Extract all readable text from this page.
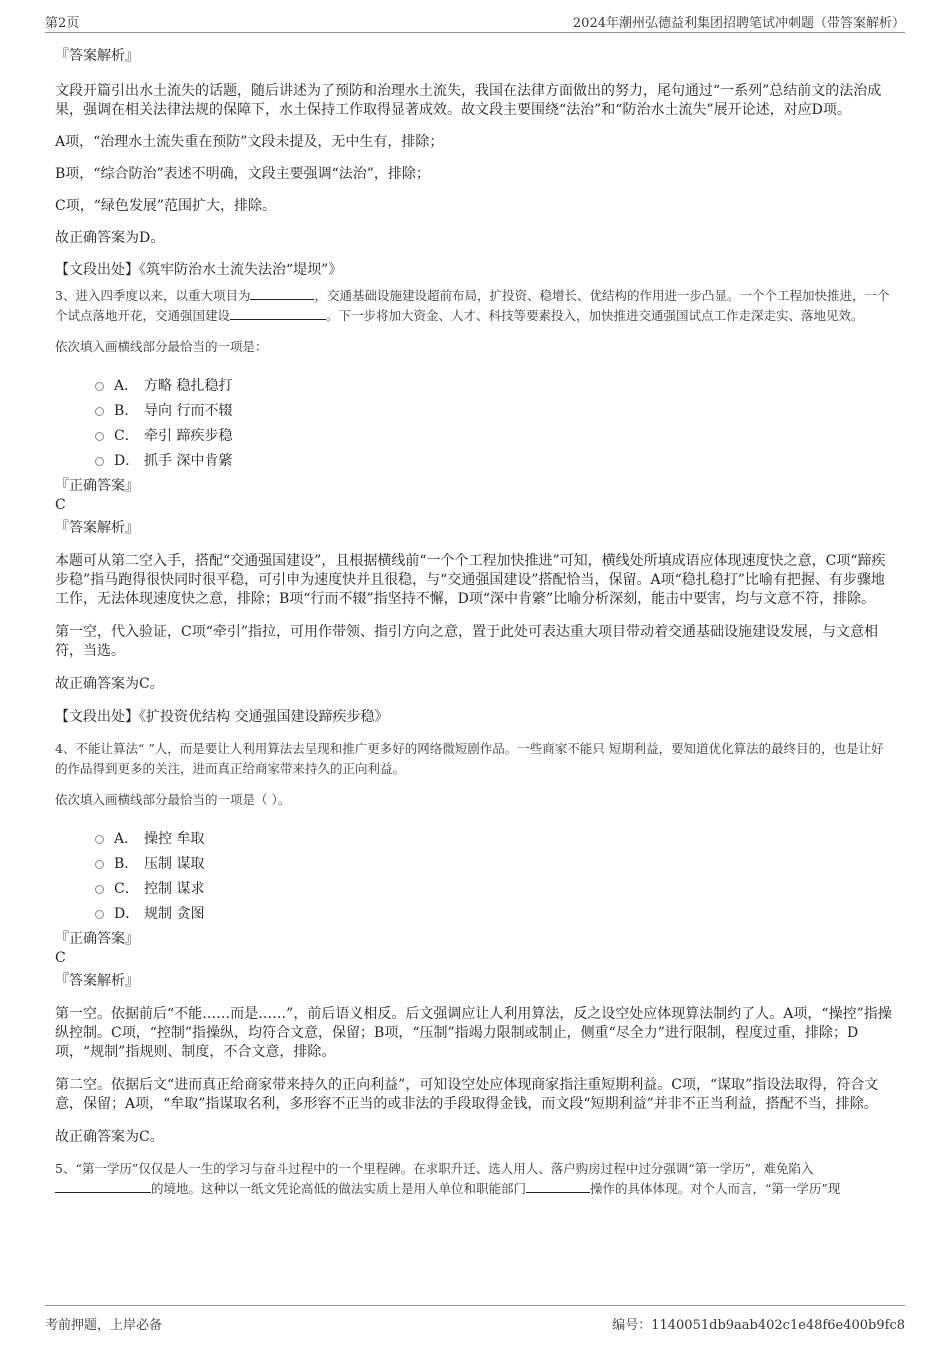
第2页	2024年潮州弘德益利集团招聘笔试冲刺题（带答案解析）
『答案解析』

文段开篇引出水土流失的话题，随后讲述为了预防和治理水土流失，我国在法律方面做出的努力，尾句通过“一系列”总结前文的法治成果，强调在相关法律法规的保障下，水土保持工作取得显著成效。故文段主要围绕“法治”和“防治水土流失”展开论述，对应D项。

A项，“治理水土流失重在预防”文段未提及，无中生有，排除；

B项，“综合防治”表述不明确，文段主要强调“法治”，排除；

C项，“绿色发展”范围扩大，排除。

故正确答案为D。

【文段出处】《筑牢防治水土流失法治“堤坝”》

3、进入四季度以来，以重大项目为	，交通基础设施建设超前布局，扩投资、稳增长、优结构的作用进一步凸显。一个个工程加快推进，一个个试点落地开花，交通强国建设	。下一步将加大资金、人才、科技等要素投入，加快推进交通强国试点工作走深走实、落地见效。

依次填入画横线部分最恰当的一项是：

A． 方略 稳扎稳打
B． 导向 行而不辍
C． 牵引 蹄疾步稳
D． 抓手 深中肯綮
『正确答案』
C
『答案解析』

本题可从第二空入手，搭配“交通强国建设”，且根据横线前“一个个工程加快推进”可知，横线处所填成语应体现速度快之意，C项“蹄疾步稳”指马跑得很快同时很平稳，可引申为速度快并且很稳，与“交通强国建设”搭配恰当，保留。A项“稳扎稳打”比喻有把握、有步骤地工作，无法体现速度快之意，排除；B项“行而不辍”指坚持不懈，D项“深中肯綮”比喻分析深刻，能击中要害，均与文意不符，排除。

第一空，代入验证，C项“牵引”指拉，可用作带领、指引方向之意，置于此处可表达重大项目带动着交通基础设施建设发展，与文意相符，当选。

故正确答案为C。

【文段出处】《扩投资优结构 交通强国建设蹄疾步稳》

4、不能让算法“ ”人，而是要让人利用算法去呈现和推广更多好的网络微短剧作品。一些商家不能只 短期利益，要知道优化算法的最终目的，也是让好的作品得到更多的关注，进而真正给商家带来持久的正向利益。

依次填入画横线部分最恰当的一项是（ ）。

A． 操控 牟取
B． 压制 谋取
C． 控制 谋求
D． 规制 贪图
『正确答案』
C
『答案解析』

第一空。依据前后“不能……而是……”，前后语义相反。后文强调应让人利用算法，反之设空处应体现算法制约了人。A项，“操控”指操纵控制。C项，“控制”指操纵，均符合文意，保留；B项，“压制”指竭力限制或制止，侧重“尽全力”进行限制，程度过重，排除；D项，“规制”指规则、制度，不合文意，排除。

第二空。依据后文“进而真正给商家带来持久的正向利益”，可知设空处应体现商家指注重短期利益。C项，“谋取”指设法取得，符合文意，保留；A项，“牟取”指谋取名利，多形容不正当的或非法的手段取得金钱，而文段“短期利益”并非不正当利益，搭配不当，排除。

故正确答案为C。

5、“第一学历”仅仅是人一生的学习与奋斗过程中的一个里程碑。在求职升迁、选人用人、落户购房过程中过分强调“第一学历”，难免陷入的境地。这种以一纸文凭论高低的做法实质上是用人单位和职能部门	操作的具体体现。对个人而言，“第一学历”现

考前押题，上岸必备	编号：1140051db9aab402c1e48f6e400b9fc8
